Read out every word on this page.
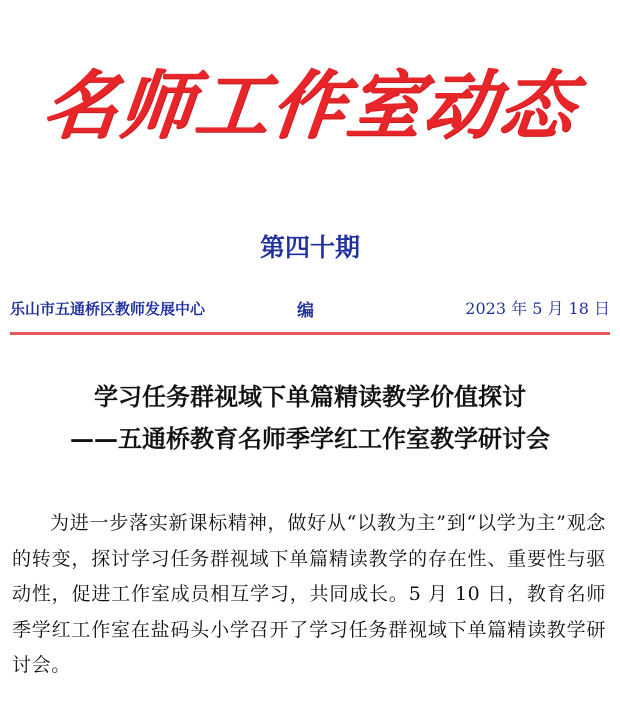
名师工作室动态
第四十期
乐山市五通桥区教师发展中心	编	2023 年 5 月 18 日
学习任务群视域下单篇精读教学价值探讨
——五通桥教育名师季学红工作室教学研讨会
为进一步落实新课标精神，做好从“以教为主”到“以学为主”观念的转变，探讨学习任务群视域下单篇精读教学的存在性、重要性与驱动性，促进工作室成员相互学习，共同成长。5 月 10 日，教育名师季学红工作室在盐码头小学召开了学习任务群视域下单篇精读教学研讨会。
